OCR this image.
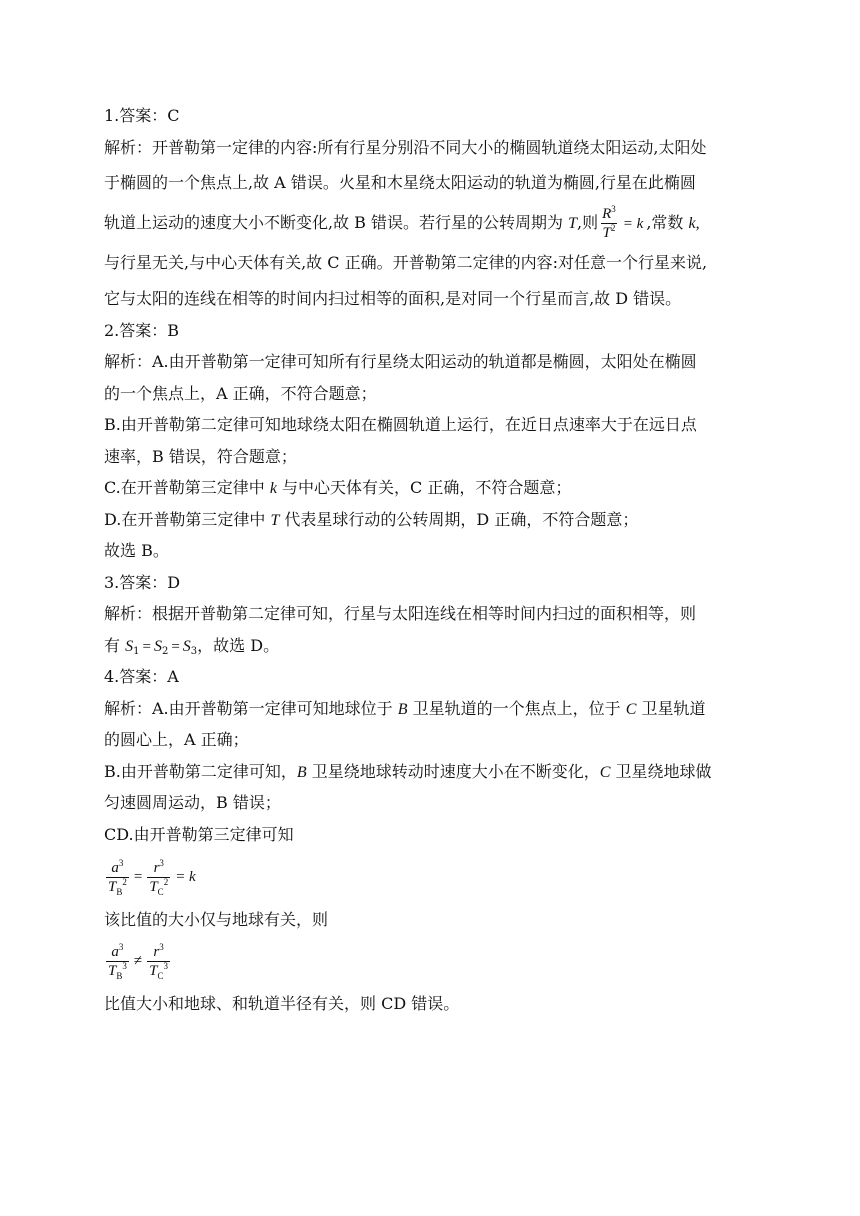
1.答案：C
解析：开普勒第一定律的内容:所有行星分别沿不同大小的椭圆轨道绕太阳运动,太阳处
于椭圆的一个焦点上,故 A 错误。火星和木星绕太阳运动的轨道为椭圆,行星在此椭圆
轨道上运动的速度大小不断变化,故 B 错误。若行星的公转周期为 T,则 $\frac{R^3}{T^2} = k$ ,常数 k,
与行星无关,与中心天体有关,故 C 正确。开普勒第二定律的内容:对任意一个行星来说,
它与太阳的连线在相等的时间内扫过相等的面积,是对同一个行星而言,故 D 错误。
2.答案：B
解析：A.由开普勒第一定律可知所有行星绕太阳运动的轨道都是椭圆，太阳处在椭圆
的一个焦点上，A 正确，不符合题意；
B.由开普勒第二定律可知地球绕太阳在椭圆轨道上运行，在近日点速率大于在远日点
速率，B 错误，符合题意；
C.在开普勒第三定律中 k 与中心天体有关，C 正确，不符合题意；
D.在开普勒第三定律中 T 代表星球行动的公转周期，D 正确，不符合题意；
故选 B。
3.答案：D
解析：根据开普勒第二定律可知，行星与太阳连线在相等时间内扫过的面积相等，则
有 $S_1 = S_2 = S_3$，故选 D。
4.答案：A
解析：A.由开普勒第一定律可知地球位于 B 卫星轨道的一个焦点上，位于 C 卫星轨道
的圆心上，A 正确；
B.由开普勒第二定律可知，B 卫星绕地球转动时速度大小在不断变化，C 卫星绕地球做
匀速圆周运动，B 错误；
CD.由开普勒第三定律可知
$\frac{a^3}{T_B^2} = \frac{r^3}{T_C^2} = k$
该比值的大小仅与地球有关，则
$\frac{a^3}{T_B^3} \ne \frac{r^3}{T_C^3}$
比值大小和地球、和轨道半径有关，则 CD 错误。
